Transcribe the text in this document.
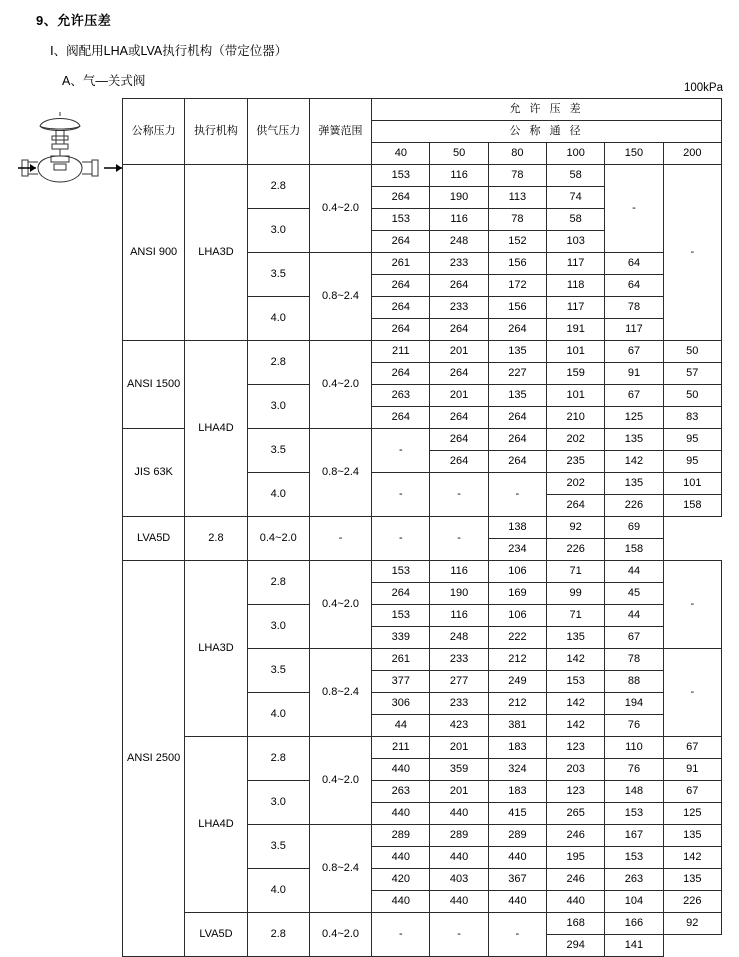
9、允许压差
Ⅰ、阀配用LHA或LVA执行机构（带定位器）
A、气—关式阀	100kPa
公称压力	执行机构	供气压力	弹簧范围	允 许 压 差					
				公 称 通 径					
				40	50	80	100	150	200
ANSI 900	LHA3D	2.8	0.4~2.0	153	116	78	58	-	-
				264	190	113	74		
		3.0		153	116	78	58		
				264	248	152	103		
		3.5	0.8~2.4	261	233	156	117	64	
				264	264	172	118	64	
		4.0		264	233	156	117	78	
				264	264	264	191	117	
ANSI 1500	LHA4D	2.8	0.4~2.0	211	201	135	101	67	50
				264	264	227	159	91	57
		3.0		263	201	135	101	67	50
				264	264	264	210	125	83
JIS 63K		3.5	0.8~2.4	-	264	264	202	135	95
					264	264	235	142	95
		4.0		-	-	-	202	135	101
							264	226	158
LVA5D	2.8	0.4~2.0	-	-	-	138	92	69	
						234	226	158	
ANSI 2500	LHA3D	2.8	0.4~2.0	153	116	106	71	44	-
				264	190	169	99	45	
		3.0		153	116	106	71	44	
				339	248	222	135	67	
		3.5	0.8~2.4	261	233	212	142	78	-
				377	277	249	153	88	
		4.0		306	233	212	142	194	
				44	423	381	142	76	
	LHA4D	2.8	0.4~2.0	211	201	183	123	110	67
				440	359	324	203	76	91
		3.0		263	201	183	123	148	67
				440	440	415	265	153	125
		3.5	0.8~2.4	289	289	289	246	167	135
				440	440	440	195	153	142
		4.0		420	403	367	246	263	135
				440	440	440	440	104	226
	LVA5D	2.8	0.4~2.0	-	-	-	168	166	92
							294	141	
